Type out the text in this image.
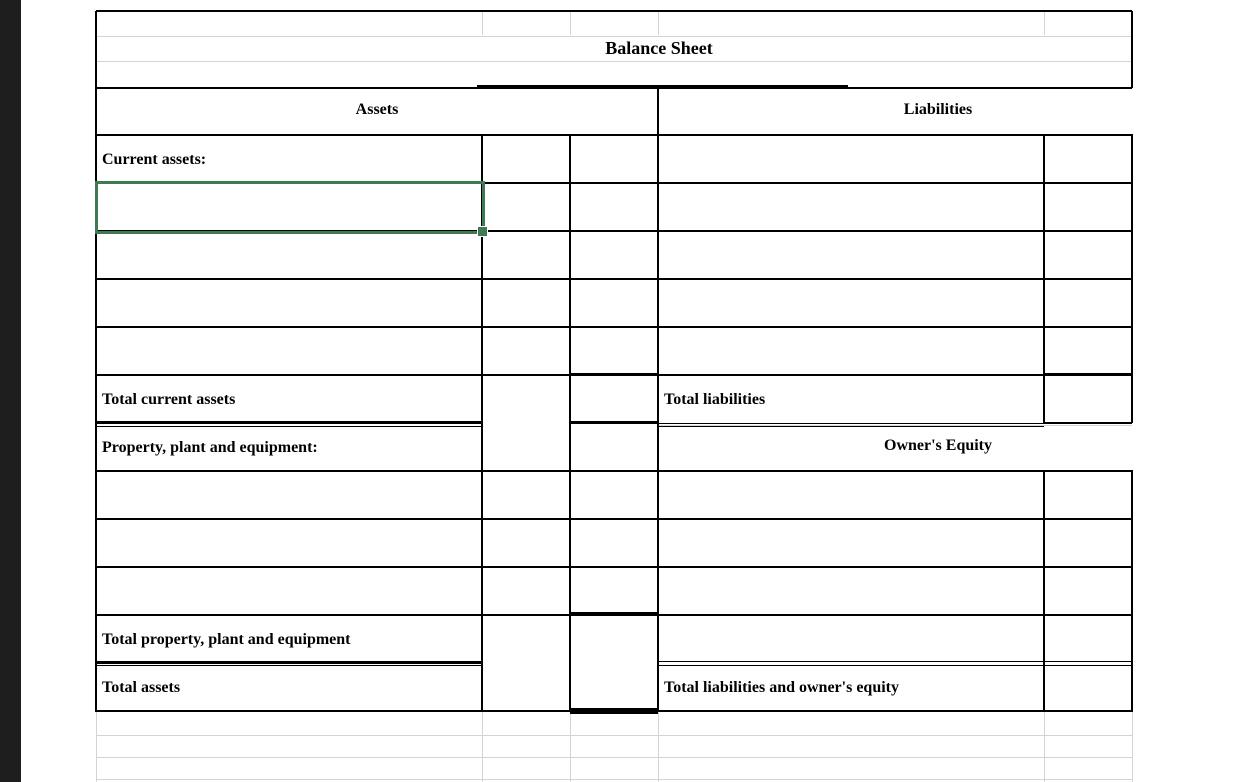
Balance Sheet
Assets	Liabilities
Current assets:
Total current assets	Total liabilities
Property, plant and equipment:	Owner's Equity
Total property, plant and equipment
Total assets	Total liabilities and owner's equity
